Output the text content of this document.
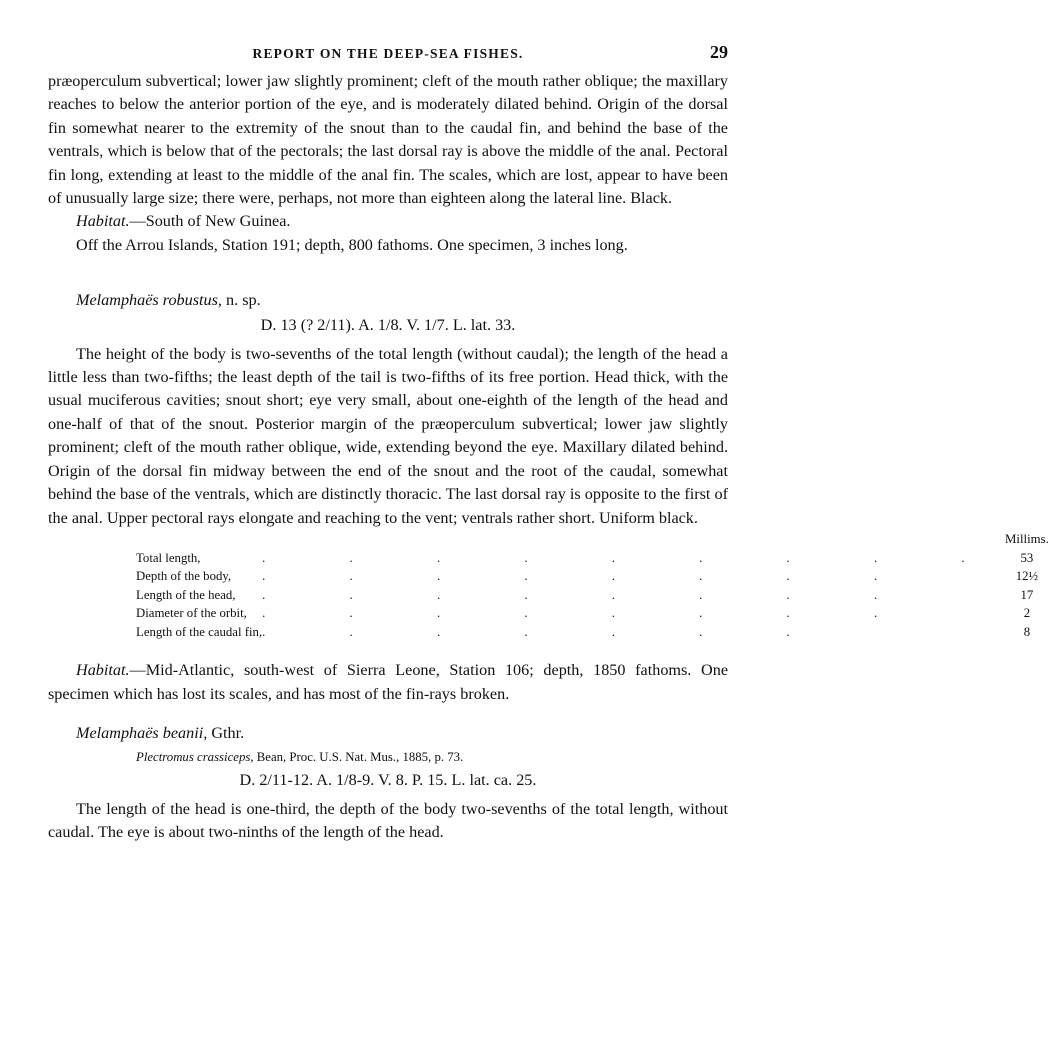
REPORT ON THE DEEP-SEA FISHES.	29

præoperculum subvertical; lower jaw slightly prominent; cleft of the mouth rather oblique; the maxillary reaches to below the anterior portion of the eye, and is moderately dilated behind. Origin of the dorsal fin somewhat nearer to the extremity of the snout than to the caudal fin, and behind the base of the ventrals, which is below that of the pectorals; the last dorsal ray is above the middle of the anal. Pectoral fin long, extending at least to the middle of the anal fin. The scales, which are lost, appear to have been of unusually large size; there were, perhaps, not more than eighteen along the lateral line. Black.

Habitat.—South of New Guinea.

Off the Arrou Islands, Station 191; depth, 800 fathoms. One specimen, 3 inches long.

Melamphaës robustus, n. sp.

D. 13 (? 2/11). A. 1/8. V. 1/7. L. lat. 33.

The height of the body is two-sevenths of the total length (without caudal); the length of the head a little less than two-fifths; the least depth of the tail is two-fifths of its free portion. Head thick, with the usual muciferous cavities; snout short; eye very small, about one-eighth of the length of the head and one-half of that of the snout. Posterior margin of the præoperculum subvertical; lower jaw slightly prominent; cleft of the mouth rather oblique, wide, extending beyond the eye. Maxillary dilated behind. Origin of the dorsal fin midway between the end of the snout and the root of the caudal, somewhat behind the base of the ventrals, which are distinctly thoracic. The last dorsal ray is opposite to the first of the anal. Upper pectoral rays elongate and reaching to the vent; ventrals rather short. Uniform black.

		Millims.
Total length,	. . . . . . . . .	53
Depth of the body,	. . . . . . . .	12½
Length of the head,	. . . . . . . .	17
Diameter of the orbit,	. . . . . . . .	2
Length of the caudal fin,	. . . . . . .	8

Habitat.—Mid-Atlantic, south-west of Sierra Leone, Station 106; depth, 1850 fathoms. One specimen which has lost its scales, and has most of the fin-rays broken.

Melamphaës beanii, Gthr.

Plectromus crassiceps, Bean, Proc. U.S. Nat. Mus., 1885, p. 73.
D. 2/11-12. A. 1/8-9. V. 8. P. 15. L. lat. ca. 25.

The length of the head is one-third, the depth of the body two-sevenths of the total length, without caudal. The eye is about two-ninths of the length of the head.
